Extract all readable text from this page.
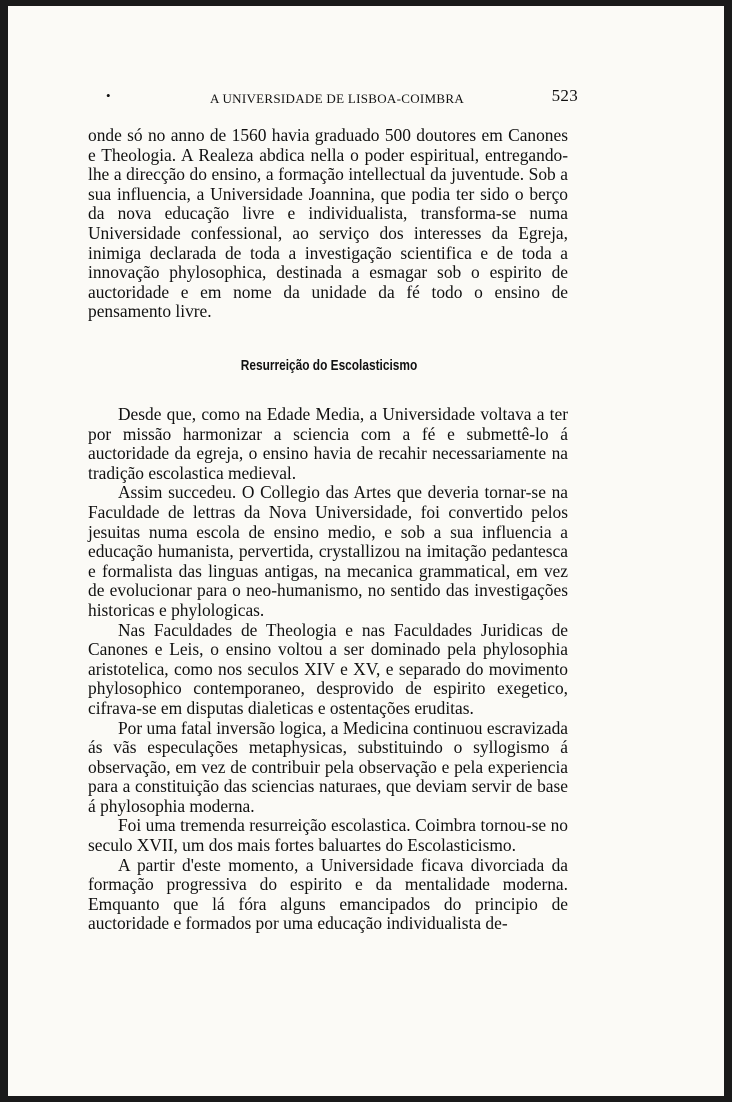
•	A UNIVERSIDADE DE LISBOA-COIMBRA	523
onde só no anno de 1560 havia graduado 500 doutores em Canones e Theologia. A Realeza abdica nella o poder espiritual, entregando-lhe a direcção do ensino, a formação intellectual da juventude. Sob a sua influencia, a Universidade Joannina, que podia ter sido o berço da nova educação livre e individualista, transforma-se numa Universidade confessional, ao serviço dos interesses da Egreja, inimiga declarada de toda a investigação scientifica e de toda a innovação phylosophica, destinada a esmagar sob o espirito de auctoridade e em nome da unidade da fé todo o ensino de pensamento livre.
Resurreição do Escolasticismo

Desde que, como na Edade Media, a Universidade voltava a ter por missão harmonizar a sciencia com a fé e submettê-lo á auctoridade da egreja, o ensino havia de recahir necessariamente na tradição escolastica medieval.

Assim succedeu. O Collegio das Artes que deveria tornar-se na Faculdade de lettras da Nova Universidade, foi convertido pelos jesuitas numa escola de ensino medio, e sob a sua influencia a educação humanista, pervertida, crystallizou na imitação pedantesca e formalista das linguas antigas, na mecanica grammatical, em vez de evolucionar para o neo-humanismo, no sentido das investigações historicas e phylologicas.

Nas Faculdades de Theologia e nas Faculdades Juridicas de Canones e Leis, o ensino voltou a ser dominado pela phylosophia aristotelica, como nos seculos XIV e XV, e separado do movimento phylosophico contemporaneo, desprovido de espirito exegetico, cifrava-se em disputas dialeticas e ostentações eruditas.

Por uma fatal inversão logica, a Medicina continuou escravizada ás vãs especulações metaphysicas, substituindo o syllogismo á observação, em vez de contribuir pela observação e pela experiencia para a constituição das sciencias naturaes, que deviam servir de base á phylosophia moderna.

Foi uma tremenda resurreição escolastica. Coimbra tornou-se no seculo XVII, um dos mais fortes baluartes do Escolasticismo.

A partir d'este momento, a Universidade ficava divorciada da formação progressiva do espirito e da mentalidade moderna. Emquanto que lá fóra alguns emancipados do principio de auctoridade e formados por uma educação individualista de-
